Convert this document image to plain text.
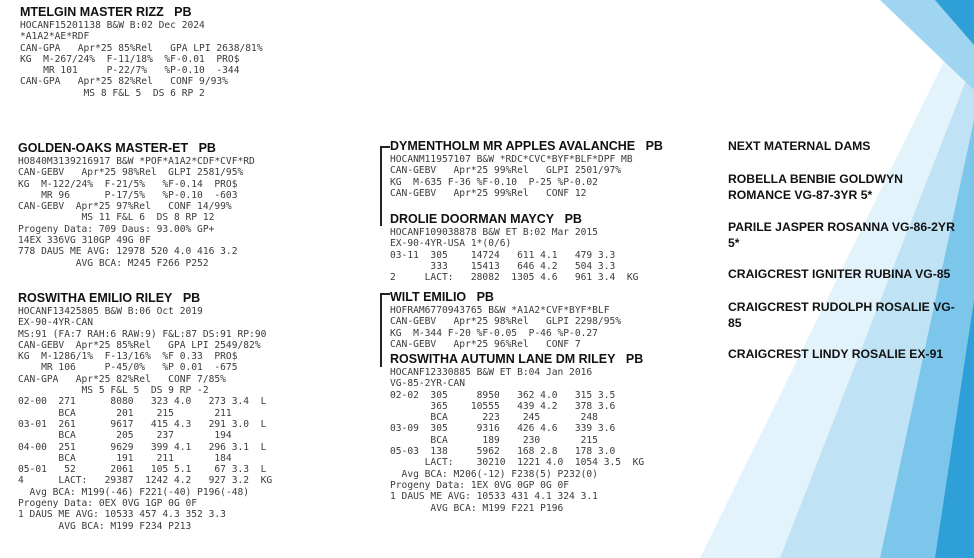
MTELGIN MASTER RIZZ PB
HOCANF15201138 B&W B:02 Dec 2024
*A1A2*AE*RDF
CAN-GPA   Apr*25 85%Rel   GPA LPI 2638/81%
KG  M-267/24%  F-11/18%  %F-0.01  PRO$
MR 101     P-22/7%   %P-0.10  -344
CAN-GPA   Apr*25 82%Rel   CONF 9/93%
MS 8 F&L 5  DS 6 RP 2
GOLDEN-OAKS MASTER-ET PB
HO840M3139216917 B&W *POF*A1A2*CDF*CVF*RD
CAN-GEBV   Apr*25 98%Rel  GLPI 2581/95%
KG  M-122/24%  F-21/5%   %F-0.14  PRO$
MR 96      P-17/5%   %P-0.10  -603
CAN-GEBV  Apr*25 97%Rel   CONF 14/99%
MS 11 F&L 6  DS 8 RP 12
Progeny Data: 709 Daus: 93.00% GP+
14EX 336VG 310GP 49G 0F
778 DAUS ME AVG: 12978 520 4.0 416 3.2
AVG BCA: M245 F266 P252
ROSWITHA EMILIO RILEY PB
HOCANF13425805 B&W B:06 Oct 2019
EX-90-4YR-CAN
MS:91 (FA:7 RAH:6 RAW:9) F&L:87 DS:91 RP:90
CAN-GEBV  Apr*25 85%Rel   GPA LPI 2549/82%
KG  M-1286/1%  F-13/16%  %F 0.33  PRO$
MR 106     P-45/0%   %P 0.01  -675
CAN-GPA   Apr*25 82%Rel   CONF 7/85%
MS 5 F&L 5  DS 9 RP -2
02-00  271      8080   323 4.0   273 3.4  L
BCA       201    215       211
03-01  261      9617   415 4.3   291 3.0  L
BCA       205    237       194
04-00  251      9629   399 4.1   296 3.1  L
BCA       191    211       184
05-01   52      2061   105 5.1    67 3.3  L
4      LACT:   29387  1242 4.2   927 3.2  KG
Avg BCA: M199(-46) F221(-40) P196(-48)
Progeny Data: 0EX 0VG 1GP 0G 0F
1 DAUS ME AVG: 10533 457 4.3 352 3.3
AVG BCA: M199 F234 P213
DYMENTHOLM MR APPLES AVALANCHE PB
HOCANM11957107 B&W *RDC*CVC*BYF*BLF*DPF MB
CAN-GEBV   Apr*25 99%Rel   GLPI 2501/97%
KG  M-635 F-36 %F-0.10  P-25 %P-0.02
CAN-GEBV   Apr*25 99%Rel   CONF 12
DROLIE DOORMAN MAYCY PB
HOCANF109038878 B&W ET B:02 Mar 2015
EX-90-4YR-USA 1*(0/6)
03-11  305    14724   611 4.1   479 3.3
333    15413   646 4.2   504 3.3
2     LACT:   28082  1305 4.6   961 3.4  KG
WILT EMILIO PB
HOFRAM6770943765 B&W *A1A2*CVF*BYF*BLF
CAN-GEBV   Apr*25 98%Rel   GLPI 2298/95%
KG  M-344 F-20 %F-0.05  P-46 %P-0.27
CAN-GEBV   Apr*25 96%Rel   CONF 7
ROSWITHA AUTUMN LANE DM RILEY PB
HOCANF12330885 B&W ET B:04 Jan 2016
VG-85-2YR-CAN
02-02  305     8950   362 4.0   315 3.5
365    10555   439 4.2   378 3.6
BCA      223    245       248
03-09  305     9316   426 4.6   339 3.6
BCA      189    230       215
05-03  138     5962   168 2.8   178 3.0
LACT:    30210  1221 4.0  1054 3.5  KG
Avg BCA: M206(-12) F238(5) P232(0)
Progeny Data: 1EX 0VG 0GP 0G 0F
1 DAUS ME AVG: 10533 431 4.1 324 3.1
AVG BCA: M199 F221 P196
NEXT MATERNAL DAMS
ROBELLA BENBIE GOLDWYN ROMANCE VG-87-3YR 5*
PARILE JASPER ROSANNA VG-86-2YR 5*
CRAIGCREST IGNITER RUBINA VG-85
CRAIGCREST RUDOLPH ROSALIE VG-85
CRAIGCREST LINDY ROSALIE EX-91
